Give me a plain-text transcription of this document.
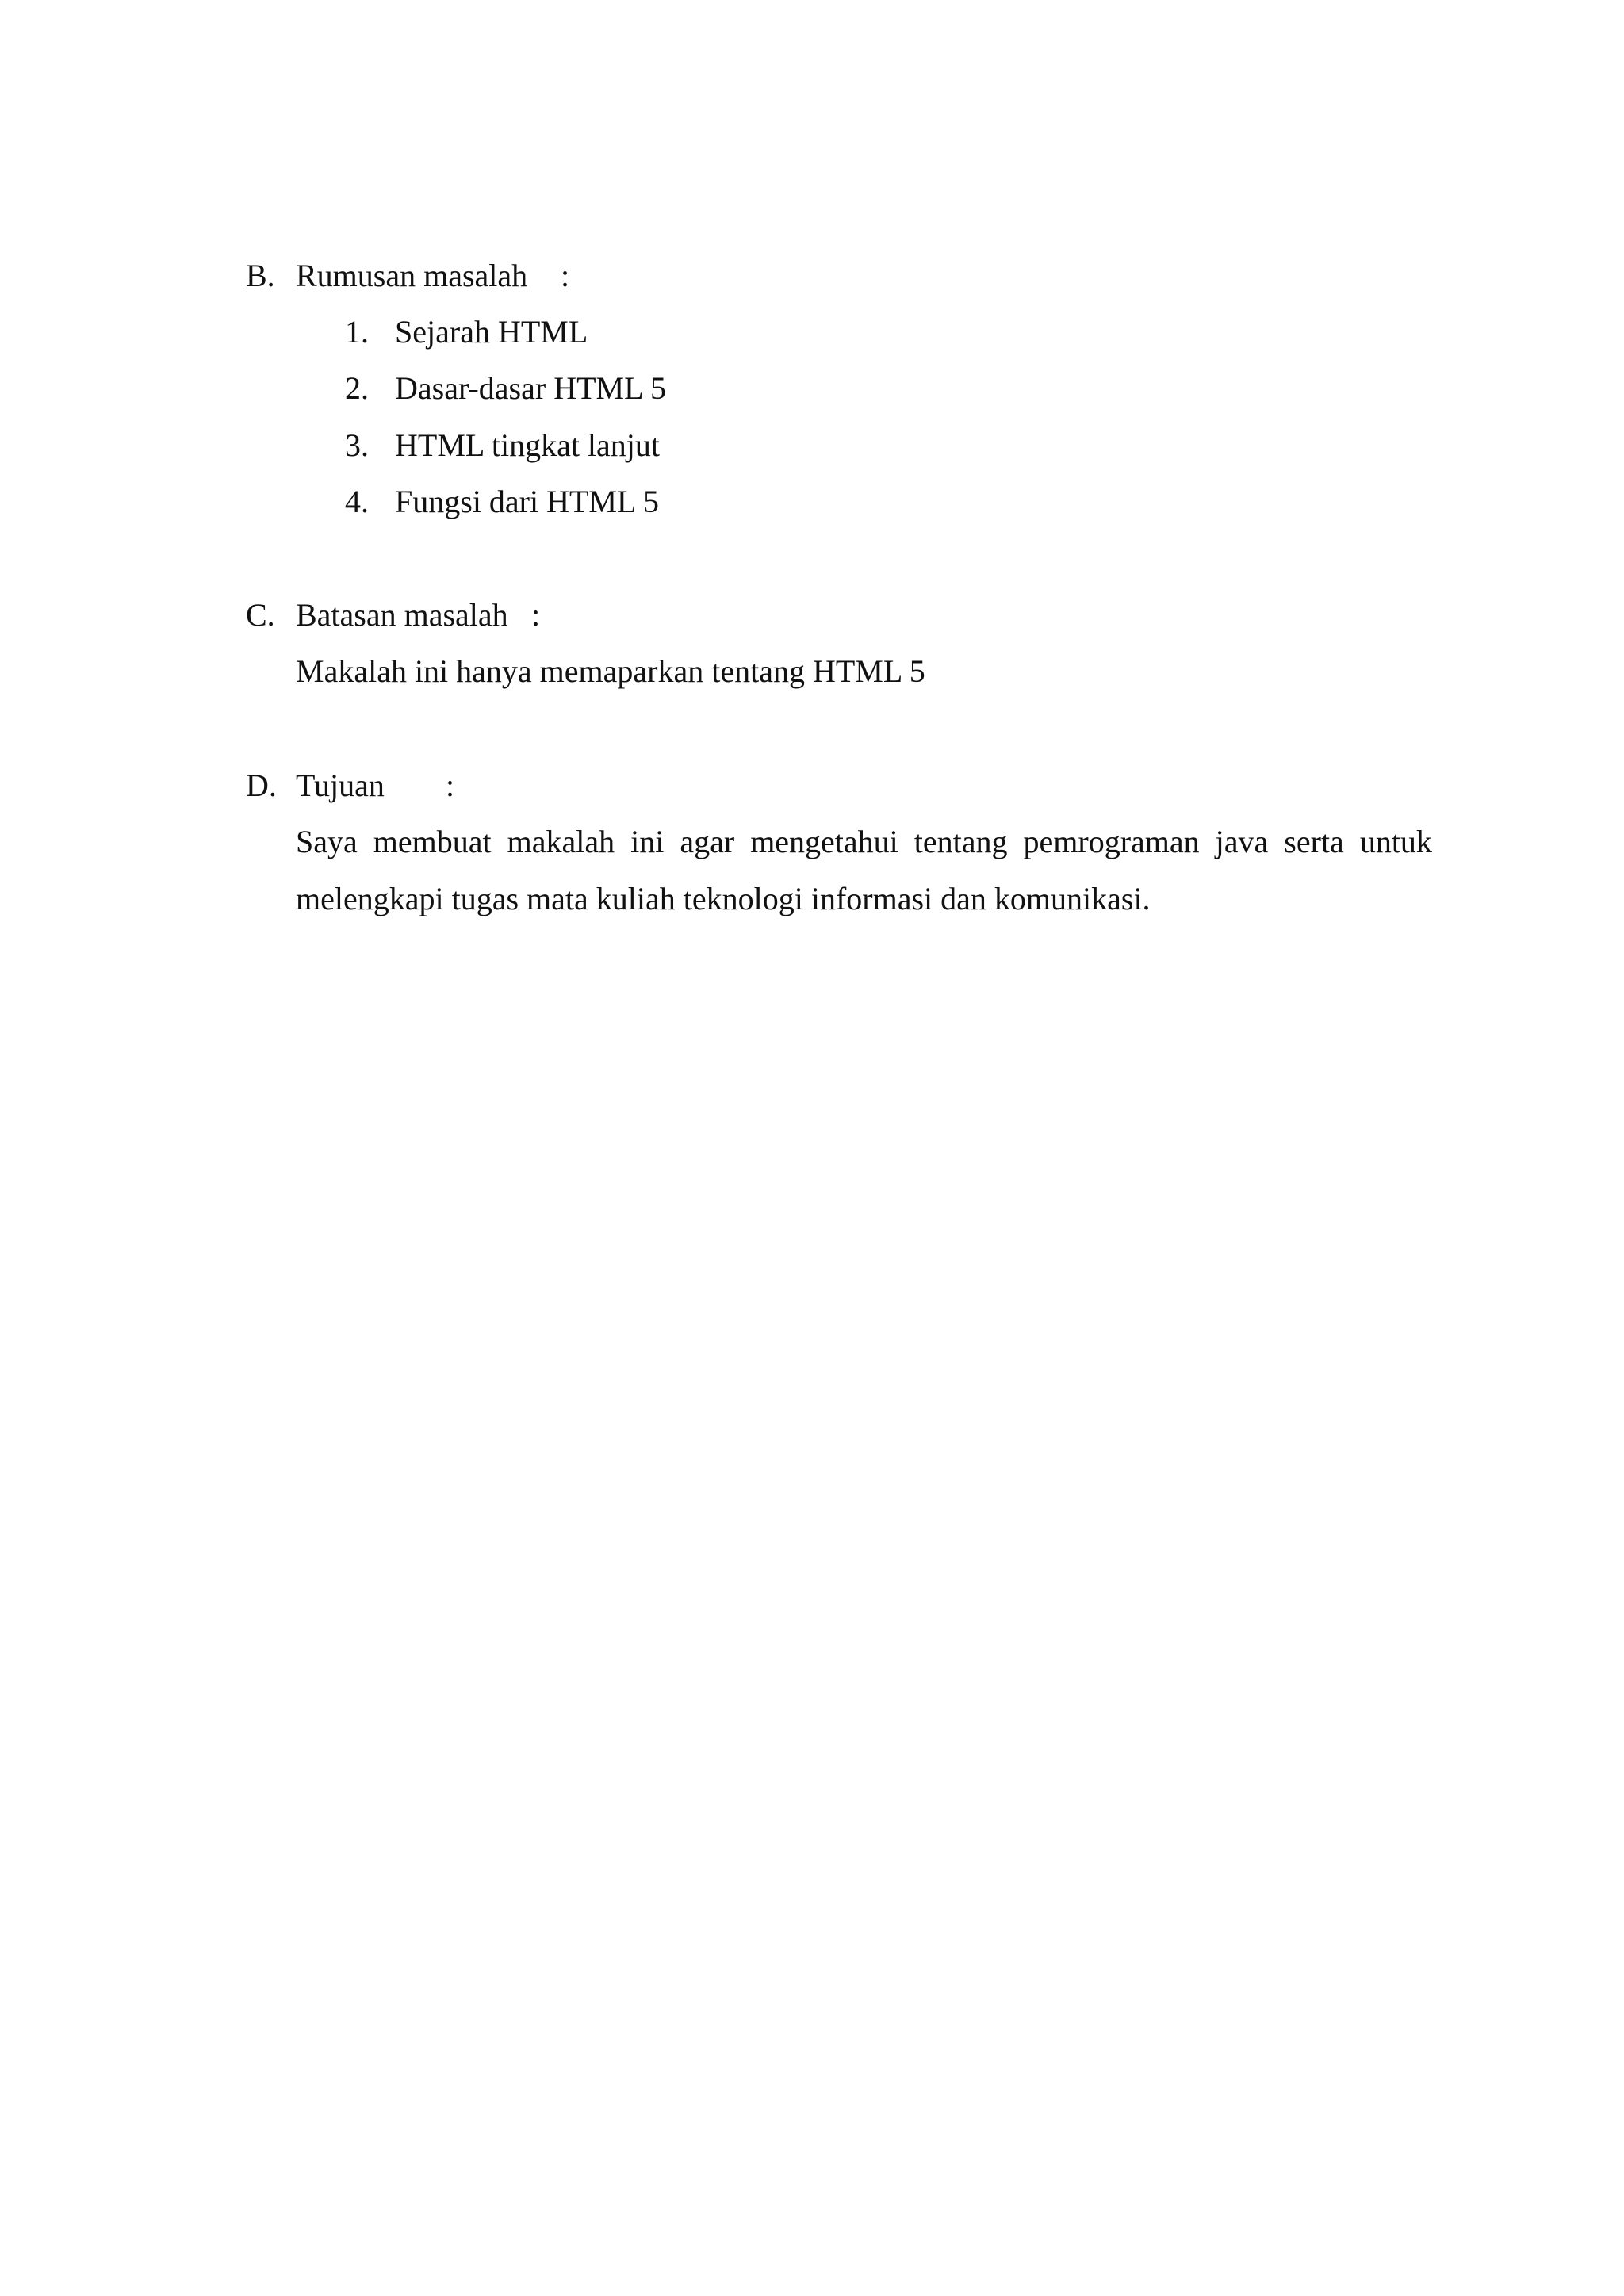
B. Rumusan masalah :
1. Sejarah HTML
2. Dasar-dasar HTML 5
3. HTML tingkat lanjut
4. Fungsi dari HTML 5
C. Batasan masalah :
Makalah ini hanya memaparkan tentang HTML 5
D. Tujuan :
Saya membuat makalah ini agar mengetahui tentang pemrograman java serta untuk
melengkapi tugas mata kuliah teknologi informasi dan komunikasi.
